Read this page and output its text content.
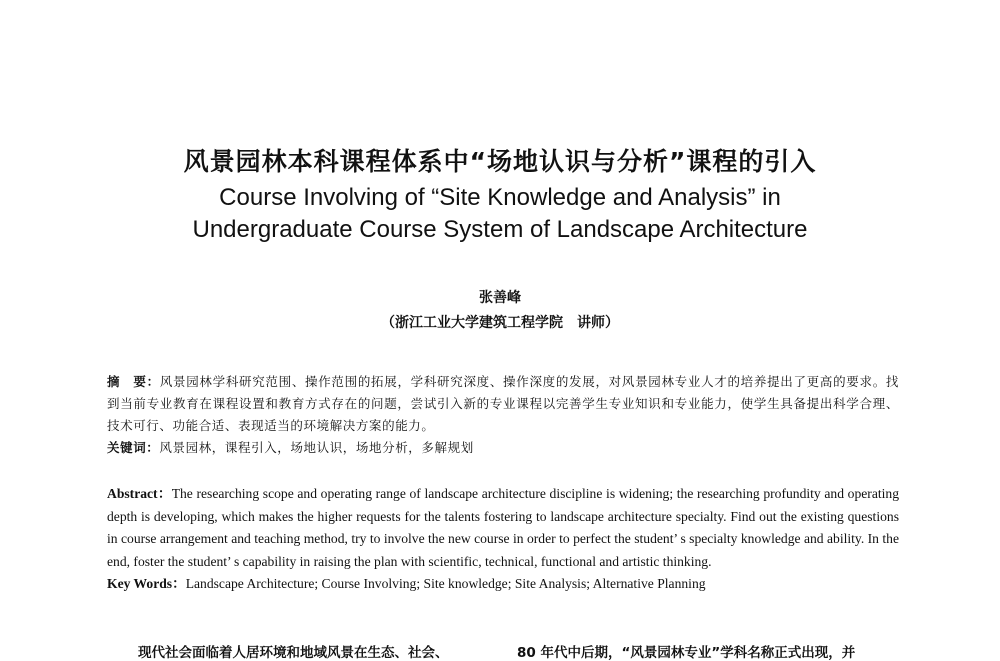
风景园林本科课程体系中“场地认识与分析”课程的引入
Course Involving of “Site Knowledge and Analysis” in
Undergraduate Course System of Landscape Architecture
张善峰
（浙江工业大学建筑工程学院 讲师）
摘　要：风景园林学科研究范围、操作范围的拓展，学科研究深度、操作深度的发展，对风景园林专业人才的培养提出了更高的要求。找到当前专业教育在课程设置和教育方式存在的问题，尝试引入新的专业课程以完善学生专业知识和专业能力，使学生具备提出科学合理、技术可行、功能合适、表现适当的环境解决方案的能力。
关键词：风景园林，课程引入，场地认识，场地分析，多解规划
Abstract：The researching scope and operating range of landscape architecture discipline is widening; the researching profundity and operating depth is developing, which makes the higher requests for the talents fostering to landscape architecture specialty. Find out the existing questions in course arrangement and teaching method, try to involve the new course in order to perfect the student’ s specialty knowledge and ability. In the end, foster the student’ s capability in raising the plan with scientific, technical, functional and artistic thinking.
Key Words：Landscape Architecture; Course Involving; Site knowledge; Site Analysis; Alternative Planning
现代社会面临着人居环境和地域风景在生态、社会、	80 年代中后期，“风景园林专业”学科名称正式出现，并
